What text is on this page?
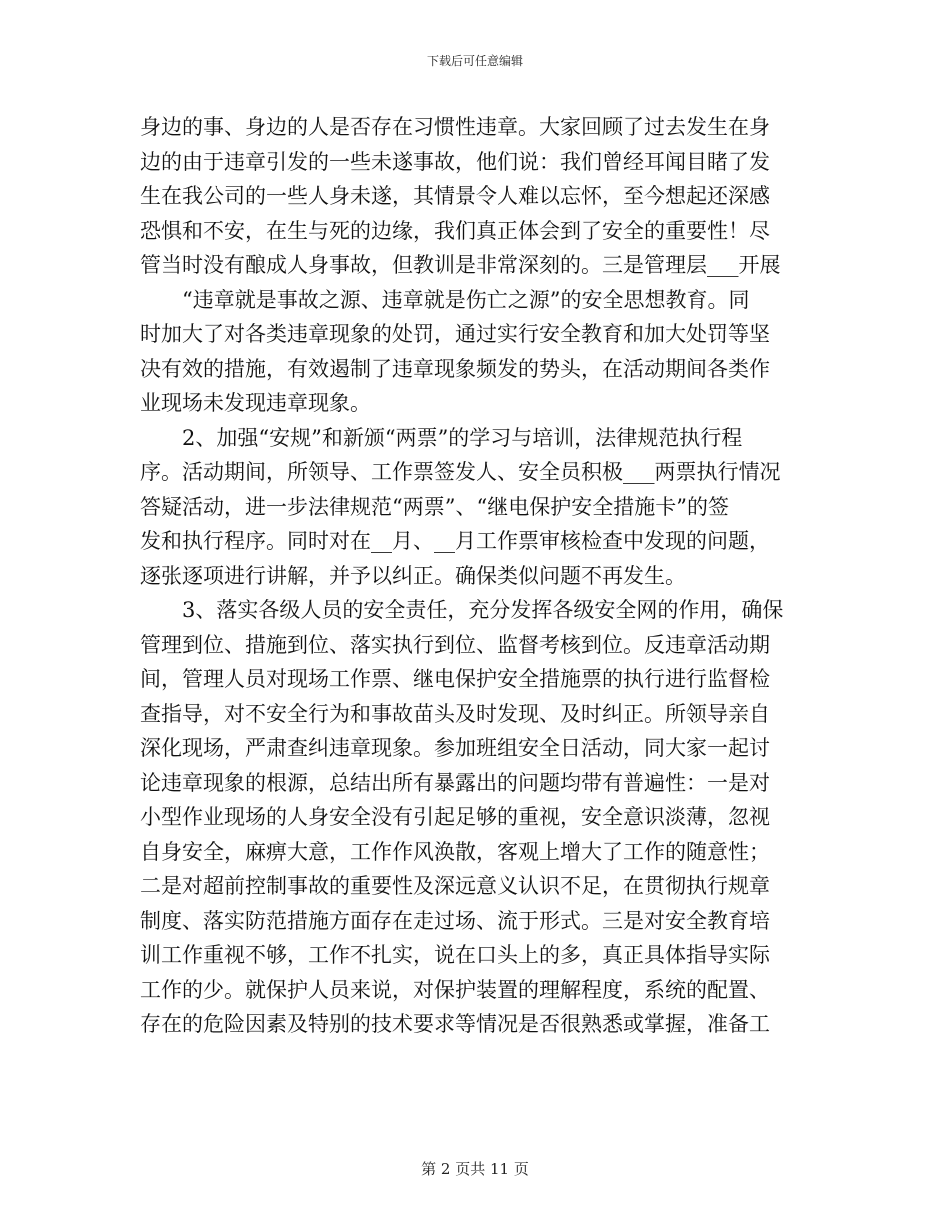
下载后可任意编辑
身边的事、身边的人是否存在习惯性违章。大家回顾了过去发生在身
边的由于违章引发的一些未遂事故，他们说：我们曾经耳闻目睹了发
生在我公司的一些人身未遂，其情景令人难以忘怀，至今想起还深感
恐惧和不安，在生与死的边缘，我们真正体会到了安全的重要性！尽
管当时没有酿成人身事故，但教训是非常深刻的。三是管理层___开展
“违章就是事故之源、违章就是伤亡之源”的安全思想教育。同
时加大了对各类违章现象的处罚，通过实行安全教育和加大处罚等坚
决有效的措施，有效遏制了违章现象频发的势头，在活动期间各类作
业现场未发现违章现象。
2、加强“安规”和新颁“两票”的学习与培训，法律规范执行程
序。活动期间，所领导、工作票签发人、安全员积极___两票执行情况
答疑活动，进一步法律规范“两票”、“继电保护安全措施卡”的签
发和执行程序。同时对在__月、__月工作票审核检查中发现的问题，
逐张逐项进行讲解，并予以纠正。确保类似问题不再发生。
3、落实各级人员的安全责任，充分发挥各级安全网的作用，确保
管理到位、措施到位、落实执行到位、监督考核到位。反违章活动期
间，管理人员对现场工作票、继电保护安全措施票的执行进行监督检
查指导，对不安全行为和事故苗头及时发现、及时纠正。所领导亲自
深化现场，严肃查纠违章现象。参加班组安全日活动，同大家一起讨
论违章现象的根源，总结出所有暴露出的问题均带有普遍性：一是对
小型作业现场的人身安全没有引起足够的重视，安全意识淡薄，忽视
自身安全，麻痹大意，工作作风涣散，客观上增大了工作的随意性；
二是对超前控制事故的重要性及深远意义认识不足，在贯彻执行规章
制度、落实防范措施方面存在走过场、流于形式。三是对安全教育培
训工作重视不够，工作不扎实，说在口头上的多，真正具体指导实际
工作的少。就保护人员来说，对保护装置的理解程度，系统的配置、
存在的危险因素及特别的技术要求等情况是否很熟悉或掌握，准备工
第 2 页共 11 页
